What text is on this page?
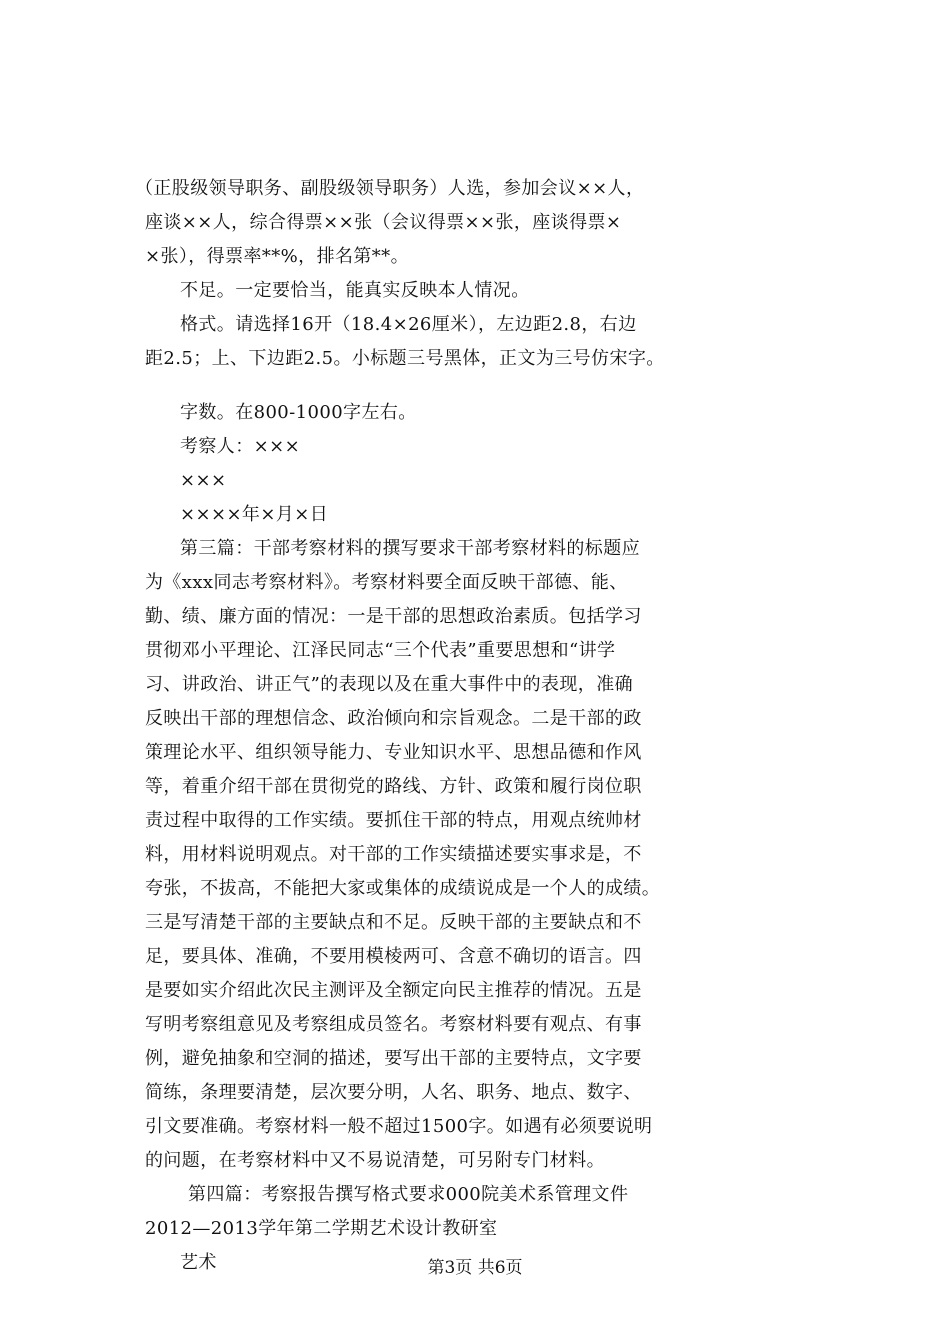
（正股级领导职务、副股级领导职务）人选，参加会议××人，
座谈××人，综合得票××张（会议得票××张，座谈得票×
×张），得票率**%，排名第**。
不足。一定要恰当，能真实反映本人情况。
格式。请选择16开（18.4×26厘米），左边距2.8，右边
距2.5；上、下边距2.5。小标题三号黑体，正文为三号仿宋字。
字数。在800-1000字左右。
考察人：×××
×××
××××年×月×日
第三篇：干部考察材料的撰写要求干部考察材料的标题应
为《xxx同志考察材料》。考察材料要全面反映干部德、能、
勤、绩、廉方面的情况：一是干部的思想政治素质。包括学习
贯彻邓小平理论、江泽民同志“三个代表”重要思想和“讲学
习、讲政治、讲正气”的表现以及在重大事件中的表现，准确
反映出干部的理想信念、政治倾向和宗旨观念。二是干部的政
策理论水平、组织领导能力、专业知识水平、思想品德和作风
等，着重介绍干部在贯彻党的路线、方针、政策和履行岗位职
责过程中取得的工作实绩。要抓住干部的特点，用观点统帅材
料，用材料说明观点。对干部的工作实绩描述要实事求是，不
夸张，不拔高，不能把大家或集体的成绩说成是一个人的成绩。
三是写清楚干部的主要缺点和不足。反映干部的主要缺点和不
足，要具体、准确，不要用模棱两可、含意不确切的语言。四
是要如实介绍此次民主测评及全额定向民主推荐的情况。五是
写明考察组意见及考察组成员签名。考察材料要有观点、有事
例，避免抽象和空洞的描述，要写出干部的主要特点，文字要
简练，条理要清楚，层次要分明，人名、职务、地点、数字、
引文要准确。考察材料一般不超过1500字。如遇有必须要说明
的问题，在考察材料中又不易说清楚，可另附专门材料。
第四篇：考察报告撰写格式要求000院美术系管理文件
2012—2013学年第二学期艺术设计教研室
艺术	第3页 共6页
